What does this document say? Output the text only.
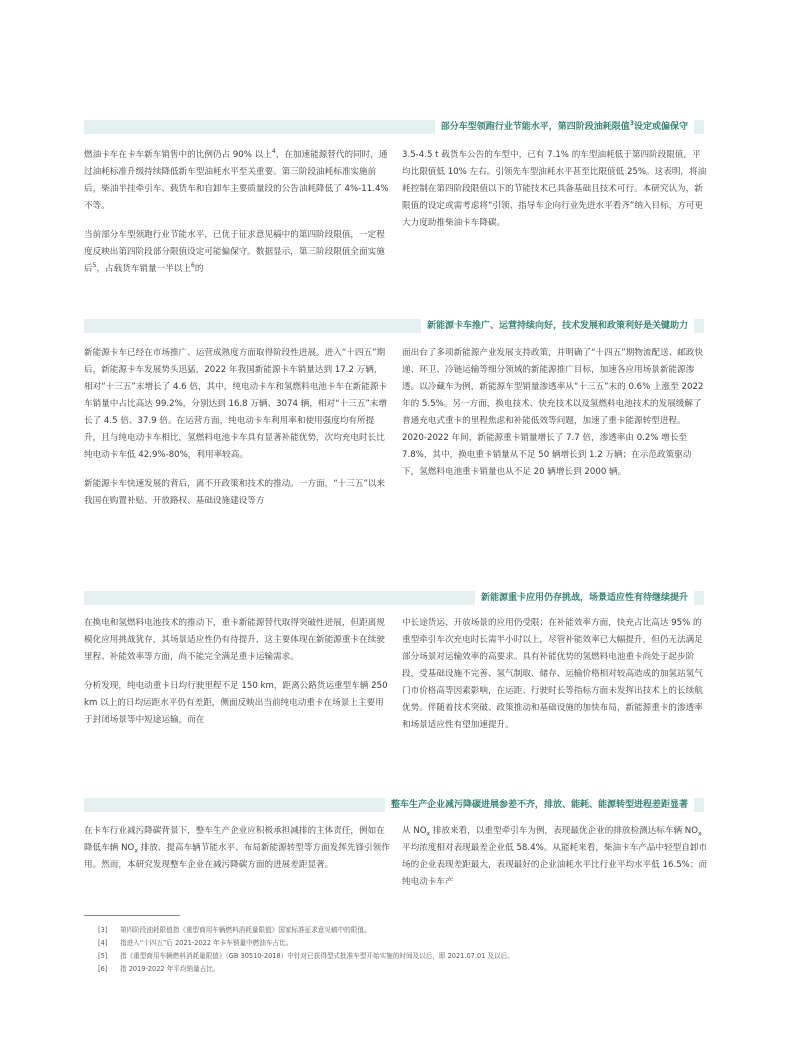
部分车型领跑行业节能水平，第四阶段油耗限值$^3$设定或偏保守

燃油卡车在卡车新车销售中的比例仍占 90% 以上$^4$，在加速能源替代的同时，通过油耗标准升级持续降低新车型油耗水平至关重要。第三阶段油耗标准实施前后，柴油半挂牵引车、载货车和自卸车主要质量段的公告油耗降低了 4%-11.4% 不等。

当前部分车型领跑行业节能水平，已优于征求意见稿中的第四阶段限值，一定程度反映出第四阶段部分限值设定可能偏保守。数据显示，第三阶段限值全面实施后$^5$，占载货车销量一半以上$^6$的

3.5-4.5 t 载货车公告的车型中，已有 7.1% 的车型油耗低于第四阶段限值，平均比限值低 10% 左右。引领先车型油耗水平甚至比限值低 25%。这表明，将油耗控制在第四阶段限值以下的节能技术已具备基础且技术可行。本研究认为，新限值的设定或需考虑将“引领、指导车企向行业先进水平看齐”纳入目标，方可更大力度助推柴油卡车降碳。

新能源卡车推广、运营持续向好，技术发展和政策利好是关键助力

新能源卡车已经在市场推广、运营成熟度方面取得阶段性进展。进入“十四五”期后，新能源卡车发展势头迅猛，2022 年我国新能源卡车销量达到 17.2 万辆，相对“十三五”末增长了 4.6 倍，其中，纯电动卡车和氢燃料电池卡车在新能源卡车销量中占比高达 99.2%，分别达到 16.8 万辆、3074 辆，相对“十三五”末增长了 4.5 倍、37.9 倍。在运营方面，纯电动卡车利用率和使用强度均有所提升，且与纯电动卡车相比，氢燃料电池卡车具有显著补能优势，次均充电时长比纯电动卡车低 42.9%-80%，利用率较高。

新能源卡车快速发展的背后，离不开政策和技术的推动。一方面，“十三五”以来我国在购置补贴、开放路权、基础设施建设等方

面出台了多项新能源产业发展支持政策，并明确了“十四五”期物流配送、邮政快递、环卫、冷链运输等细分领域的新能源推广目标，加速各应用场景新能源渗透。以冷藏车为例，新能源车型销量渗透率从“十三五”末的 0.6% 上涨至 2022 年的 5.5%。另一方面，换电技术、快充技术以及氢燃料电池技术的发展缓解了普通充电式重卡的里程焦虑和补能低效等问题，加速了重卡能源转型进程。2020-2022 年间，新能源重卡销量增长了 7.7 倍，渗透率由 0.2% 增长至 7.8%，其中，换电重卡销量从不足 50 辆增长到 1.2 万辆；在示范政策驱动下，氢燃料电池重卡销量也从不足 20 辆增长到 2000 辆。

新能源重卡应用仍存挑战，场景适应性有待继续提升

在换电和氢燃料电池技术的推动下，重卡新能源替代取得突破性进展，但距离规模化应用挑战犹存，其场景适应性仍有待提升，这主要体现在新能源重卡在续驶里程、补能效率等方面，尚不能完全满足重卡运输需求。

分析发现，纯电动重卡日均行驶里程不足 150 km，距离公路货运重型车辆 250 km 以上的日均运距水平仍有差距，侧面反映出当前纯电动重卡在场景上主要用于封闭场景等中短途运输，而在

中长途货运、开放场景的应用仍受限；在补能效率方面，快充占比高达 95% 的重型牵引车次充电时长需半小时以上，尽管补能效率已大幅提升，但仍无法满足部分场景对运输效率的高要求。具有补能优势的氢燃料电池重卡尚处于起步阶段，受基础设施不完善、氢气制取、储存、运输价格相对较高造成的加氢站氢气门市价格高等因素影响，在运距、行驶时长等指标方面未发挥出技术上的长续航优势。伴随着技术突破、政策推动和基础设施的加快布局，新能源重卡的渗透率和场景适应性有望加速提升。

整车生产企业减污降碳进展参差不齐，排放、能耗、能源转型进程差距显著

在卡车行业减污降碳背景下，整车生产企业应积极承担减排的主体责任，例如在降低车辆 $NO_x$ 排放、提高车辆节能水平、布局新能源转型等方面发挥先锋引领作用。然而，本研究发现整车企业在减污降碳方面的进展差距显著。

从 $NO_x$ 排放来看，以重型牵引车为例，表现最优企业的排放检测达标车辆 $NO_x$ 平均浓度相对表现最差企业低 58.4%。从能耗来看，柴油卡车产品中轻型自卸市场的企业表现差距最大，表现最好的企业油耗水平比行业平均水平低 16.5%；而纯电动卡车产

[3] 第四阶段油耗限值指《重型商用车辆燃料消耗量限值》国家标准征求意见稿中的限值。
[4] 指进入“十四五”后 2021-2022 年卡车销量中燃油车占比。
[5] 指《重型商用车辆燃料消耗量限值》（GB 30510-2018）中针对已获得型式批准车型开始实施的时间及以后，即 2021.07.01 及以后。
[6] 指 2019-2022 年平均销量占比。
